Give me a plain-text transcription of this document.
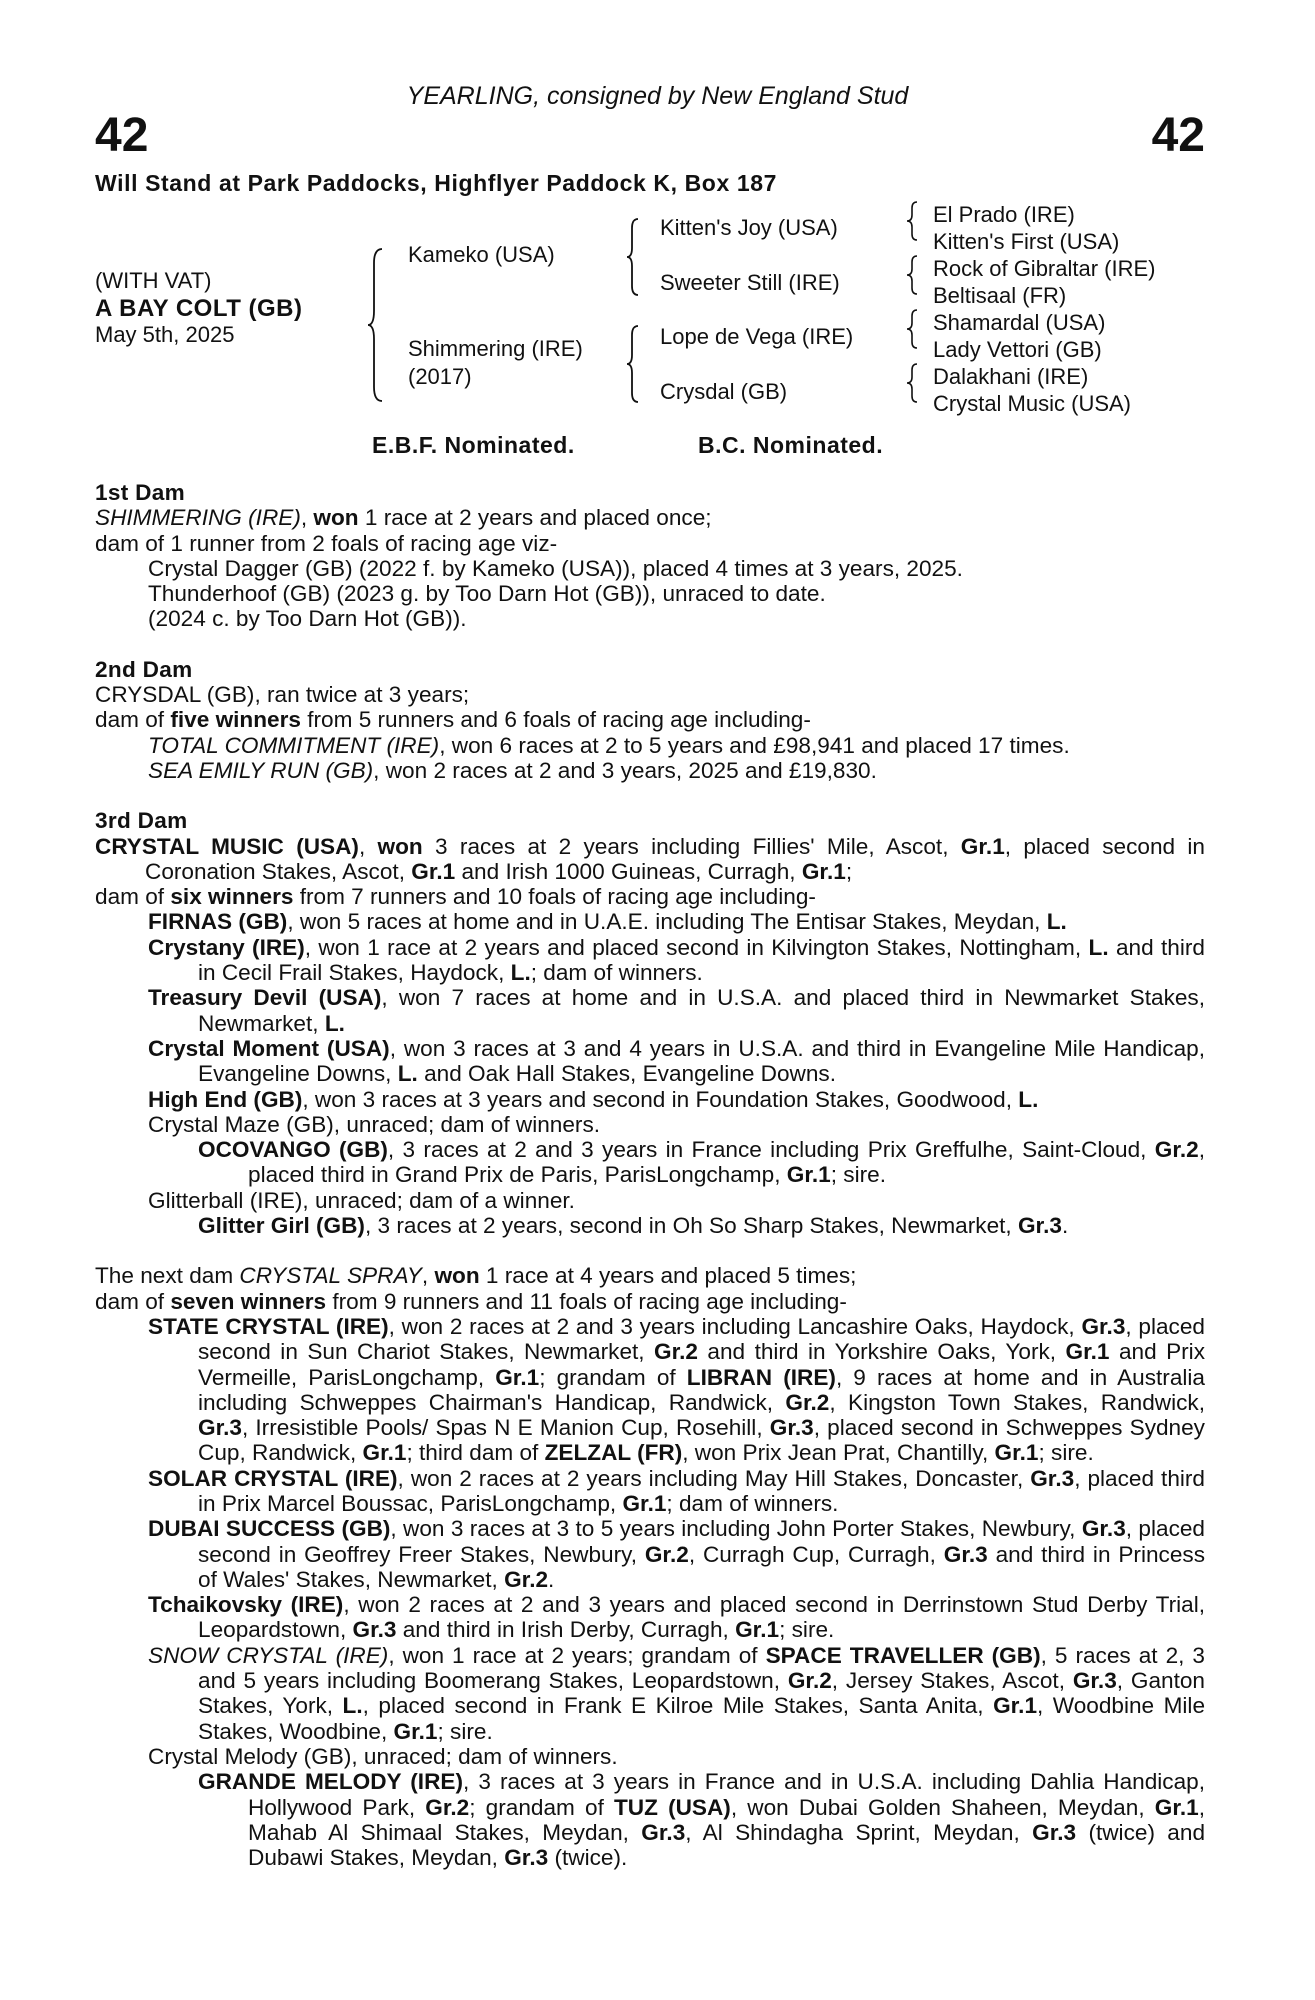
42	42
YEARLING, consigned by New England Stud
Will Stand at Park Paddocks, Highflyer Paddock K, Box 187
(WITH VAT)
A BAY COLT (GB)
May 5th, 2025
Kameko (USA)
Shimmering (IRE)
(2017)
Kitten's Joy (USA)
Sweeter Still (IRE)
Lope de Vega (IRE)
Crysdal (GB)
El Prado (IRE)
Kitten's First (USA)
Rock of Gibraltar (IRE)
Beltisaal (FR)
Shamardal (USA)
Lady Vettori (GB)
Dalakhani (IRE)
Crystal Music (USA)
E.B.F. Nominated.	B.C. Nominated.

1st Dam

SHIMMERING (IRE), won 1 race at 2 years and placed once;

dam of 1 runner from 2 foals of racing age viz-

Crystal Dagger (GB) (2022 f. by Kameko (USA)), placed 4 times at 3 years, 2025.

Thunderhoof (GB) (2023 g. by Too Darn Hot (GB)), unraced to date.

(2024 c. by Too Darn Hot (GB)).

2nd Dam

CRYSDAL (GB), ran twice at 3 years;

dam of five winners from 5 runners and 6 foals of racing age including-

TOTAL COMMITMENT (IRE), won 6 races at 2 to 5 years and £98,941 and placed 17 times.

SEA EMILY RUN (GB), won 2 races at 2 and 3 years, 2025 and £19,830.

3rd Dam

CRYSTAL MUSIC (USA), won 3 races at 2 years including Fillies' Mile, Ascot, Gr.1, placed second in Coronation Stakes, Ascot, Gr.1 and Irish 1000 Guineas, Curragh, Gr.1;

dam of six winners from 7 runners and 10 foals of racing age including-

FIRNAS (GB), won 5 races at home and in U.A.E. including The Entisar Stakes, Meydan, L.

Crystany (IRE), won 1 race at 2 years and placed second in Kilvington Stakes, Nottingham, L. and third in Cecil Frail Stakes, Haydock, L.; dam of winners.

Treasury Devil (USA), won 7 races at home and in U.S.A. and placed third in Newmarket Stakes, Newmarket, L.

Crystal Moment (USA), won 3 races at 3 and 4 years in U.S.A. and third in Evangeline Mile Handicap, Evangeline Downs, L. and Oak Hall Stakes, Evangeline Downs.

High End (GB), won 3 races at 3 years and second in Foundation Stakes, Goodwood, L.

Crystal Maze (GB), unraced; dam of winners.

OCOVANGO (GB), 3 races at 2 and 3 years in France including Prix Greffulhe, Saint-Cloud, Gr.2, placed third in Grand Prix de Paris, ParisLongchamp, Gr.1; sire.

Glitterball (IRE), unraced; dam of a winner.

Glitter Girl (GB), 3 races at 2 years, second in Oh So Sharp Stakes, Newmarket, Gr.3.

The next dam CRYSTAL SPRAY, won 1 race at 4 years and placed 5 times;

dam of seven winners from 9 runners and 11 foals of racing age including-

STATE CRYSTAL (IRE), won 2 races at 2 and 3 years including Lancashire Oaks, Haydock, Gr.3, placed second in Sun Chariot Stakes, Newmarket, Gr.2 and third in Yorkshire Oaks, York, Gr.1 and Prix Vermeille, ParisLongchamp, Gr.1; grandam of LIBRAN (IRE), 9 races at home and in Australia including Schweppes Chairman's Handicap, Randwick, Gr.2, Kingston Town Stakes, Randwick, Gr.3, Irresistible Pools/ Spas N E Manion Cup, Rosehill, Gr.3, placed second in Schweppes Sydney Cup, Randwick, Gr.1; third dam of ZELZAL (FR), won Prix Jean Prat, Chantilly, Gr.1; sire.

SOLAR CRYSTAL (IRE), won 2 races at 2 years including May Hill Stakes, Doncaster, Gr.3, placed third in Prix Marcel Boussac, ParisLongchamp, Gr.1; dam of winners.

DUBAI SUCCESS (GB), won 3 races at 3 to 5 years including John Porter Stakes, Newbury, Gr.3, placed second in Geoffrey Freer Stakes, Newbury, Gr.2, Curragh Cup, Curragh, Gr.3 and third in Princess of Wales' Stakes, Newmarket, Gr.2.

Tchaikovsky (IRE), won 2 races at 2 and 3 years and placed second in Derrinstown Stud Derby Trial, Leopardstown, Gr.3 and third in Irish Derby, Curragh, Gr.1; sire.

SNOW CRYSTAL (IRE), won 1 race at 2 years; grandam of SPACE TRAVELLER (GB), 5 races at 2, 3 and 5 years including Boomerang Stakes, Leopardstown, Gr.2, Jersey Stakes, Ascot, Gr.3, Ganton Stakes, York, L., placed second in Frank E Kilroe Mile Stakes, Santa Anita, Gr.1, Woodbine Mile Stakes, Woodbine, Gr.1; sire.

Crystal Melody (GB), unraced; dam of winners.

GRANDE MELODY (IRE), 3 races at 3 years in France and in U.S.A. including Dahlia Handicap, Hollywood Park, Gr.2; grandam of TUZ (USA), won Dubai Golden Shaheen, Meydan, Gr.1, Mahab Al Shimaal Stakes, Meydan, Gr.3, Al Shindagha Sprint, Meydan, Gr.3 (twice) and Dubawi Stakes, Meydan, Gr.3 (twice).
